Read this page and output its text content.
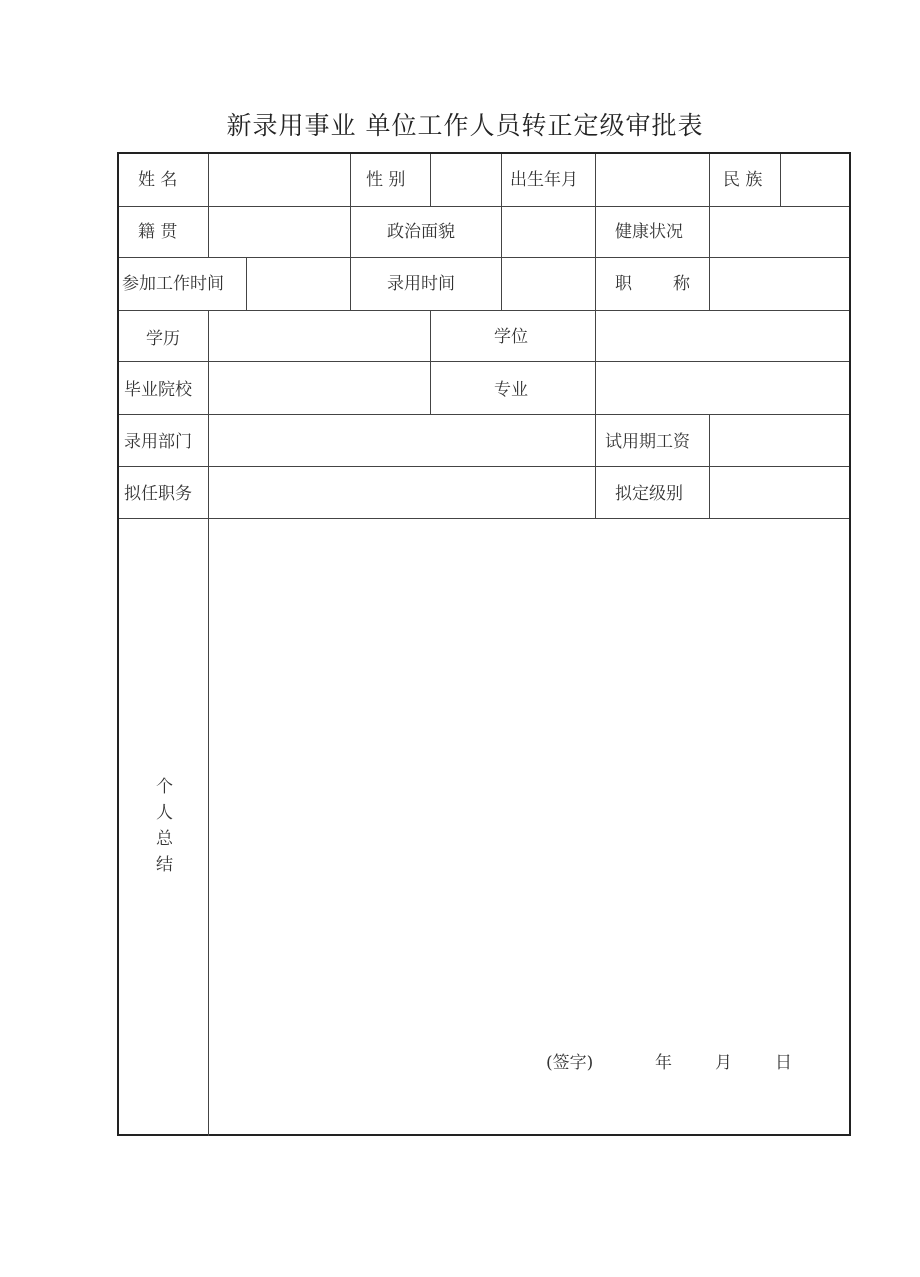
新录用事业 单位工作人员转正定级审批表
姓 名	性 别	出生年月	民 族
籍 贯	政治面貌	健康状况
参加工作时间	录用时间	职 称
学历	学位
毕业院校	专业
录用部门	试用期工资
拟任职务	拟定级别
个
人
总
结
(签字)	年	月	日
